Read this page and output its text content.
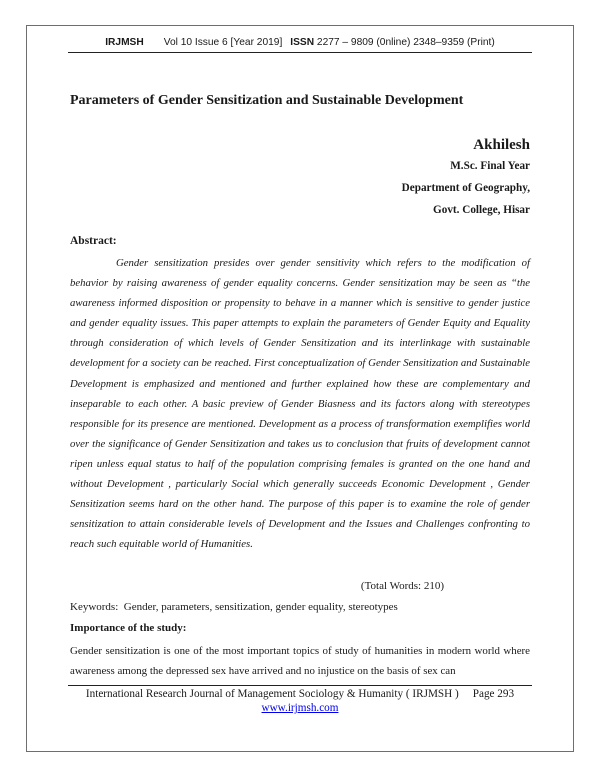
IRJMSH Vol 10 Issue 6 [Year 2019] ISSN 2277 – 9809 (0nline) 2348–9359 (Print)
Parameters of Gender Sensitization and Sustainable Development
Akhilesh
M.Sc. Final Year
Department of Geography,
Govt. College, Hisar
Abstract:

Gender sensitization presides over gender sensitivity which refers to the modification of behavior by raising awareness of gender equality concerns. Gender sensitization may be seen as “the awareness informed disposition or propensity to behave in a manner which is sensitive to gender justice and gender equality issues. This paper attempts to explain the parameters of Gender Equity and Equality through consideration of which levels of Gender Sensitization and its interlinkage with sustainable development for a society can be reached. First conceptualization of Gender Sensitization and Sustainable Development is emphasized and mentioned and further explained how these are complementary and inseparable to each other. A basic preview of Gender Biasness and its factors along with stereotypes responsible for its presence are mentioned. Development as a process of transformation exemplifies world over the significance of Gender Sensitization and takes us to conclusion that fruits of development cannot ripen unless equal status to half of the population comprising females is granted on the one hand and without Development , particularly Social which generally succeeds Economic Development , Gender Sensitization seems hard on the other hand. The purpose of this paper is to examine the role of gender sensitization to attain considerable levels of Development and the Issues and Challenges confronting to reach such equitable world of Humanities.

(Total Words: 210)
Keywords: Gender, parameters, sensitization, gender equality, stereotypes
Importance of the study:
Gender sensitization is one of the most important topics of study of humanities in modern world where awareness among the depressed sex have arrived and no injustice on the basis of sex can
International Research Journal of Management Sociology & Humanity ( IRJMSH ) Page 293
www.irjmsh.com
